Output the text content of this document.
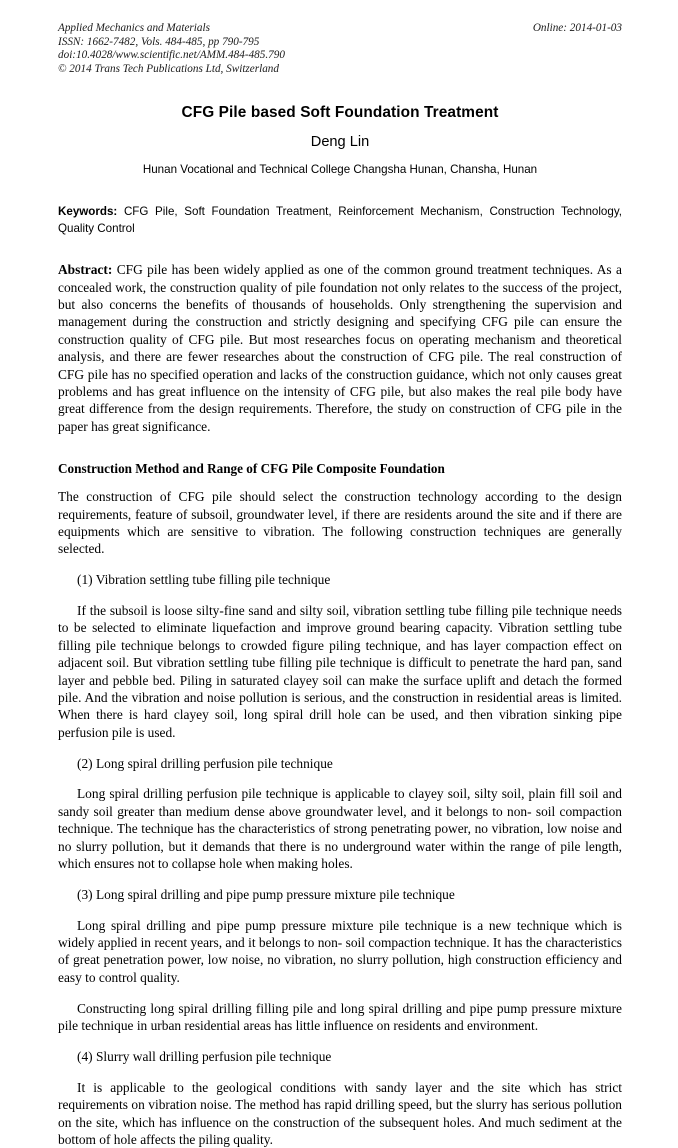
Applied Mechanics and Materials
ISSN: 1662-7482, Vols. 484-485, pp 790-795
doi:10.4028/www.scientific.net/AMM.484-485.790
© 2014 Trans Tech Publications Ltd, Switzerland
Online: 2014-01-03
CFG Pile based Soft Foundation Treatment
Deng Lin
Hunan Vocational and Technical College Changsha Hunan, Chansha, Hunan

Keywords: CFG Pile, Soft Foundation Treatment, Reinforcement Mechanism, Construction Technology, Quality Control

Abstract: CFG pile has been widely applied as one of the common ground treatment techniques. As a concealed work, the construction quality of pile foundation not only relates to the success of the project, but also concerns the benefits of thousands of households. Only strengthening the supervision and management during the construction and strictly designing and specifying CFG pile can ensure the construction quality of CFG pile. But most researches focus on operating mechanism and theoretical analysis, and there are fewer researches about the construction of CFG pile. The real construction of CFG pile has no specified operation and lacks of the construction guidance, which not only causes great problems and has great influence on the intensity of CFG pile, but also makes the real pile body have great difference from the design requirements. Therefore, the study on construction of CFG pile in the paper has great significance.

Construction Method and Range of CFG Pile Composite Foundation

The construction of CFG pile should select the construction technology according to the design requirements, feature of subsoil, groundwater level, if there are residents around the site and if there are equipments which are sensitive to vibration. The following construction techniques are generally selected.

(1) Vibration settling tube filling pile technique

If the subsoil is loose silty-fine sand and silty soil, vibration settling tube filling pile technique needs to be selected to eliminate liquefaction and improve ground bearing capacity. Vibration settling tube filling pile technique belongs to crowded figure piling technique, and has layer compaction effect on adjacent soil. But vibration settling tube filling pile technique is difficult to penetrate the hard pan, sand layer and pebble bed. Piling in saturated clayey soil can make the surface uplift and detach the formed pile. And the vibration and noise pollution is serious, and the construction in residential areas is limited. When there is hard clayey soil, long spiral drill hole can be used, and then vibration sinking pipe perfusion pile is used.

(2) Long spiral drilling perfusion pile technique

Long spiral drilling perfusion pile technique is applicable to clayey soil, silty soil, plain fill soil and sandy soil greater than medium dense above groundwater level, and it belongs to non- soil compaction technique. The technique has the characteristics of strong penetrating power, no vibration, low noise and no slurry pollution, but it demands that there is no underground water within the range of pile length, which ensures not to collapse hole when making holes.

(3) Long spiral drilling and pipe pump pressure mixture pile technique

Long spiral drilling and pipe pump pressure mixture pile technique is a new technique which is widely applied in recent years, and it belongs to non- soil compaction technique. It has the characteristics of great penetration power, low noise, no vibration, no slurry pollution, high construction efficiency and easy to control quality.

Constructing long spiral drilling filling pile and long spiral drilling and pipe pump pressure mixture pile technique in urban residential areas has little influence on residents and environment.

(4) Slurry wall drilling perfusion pile technique

It is applicable to the geological conditions with sandy layer and the site which has strict requirements on vibration noise. The method has rapid drilling speed, but the slurry has serious pollution on the site, which has influence on the construction of the subsequent holes. And much sediment at the bottom of hole affects the piling quality.
